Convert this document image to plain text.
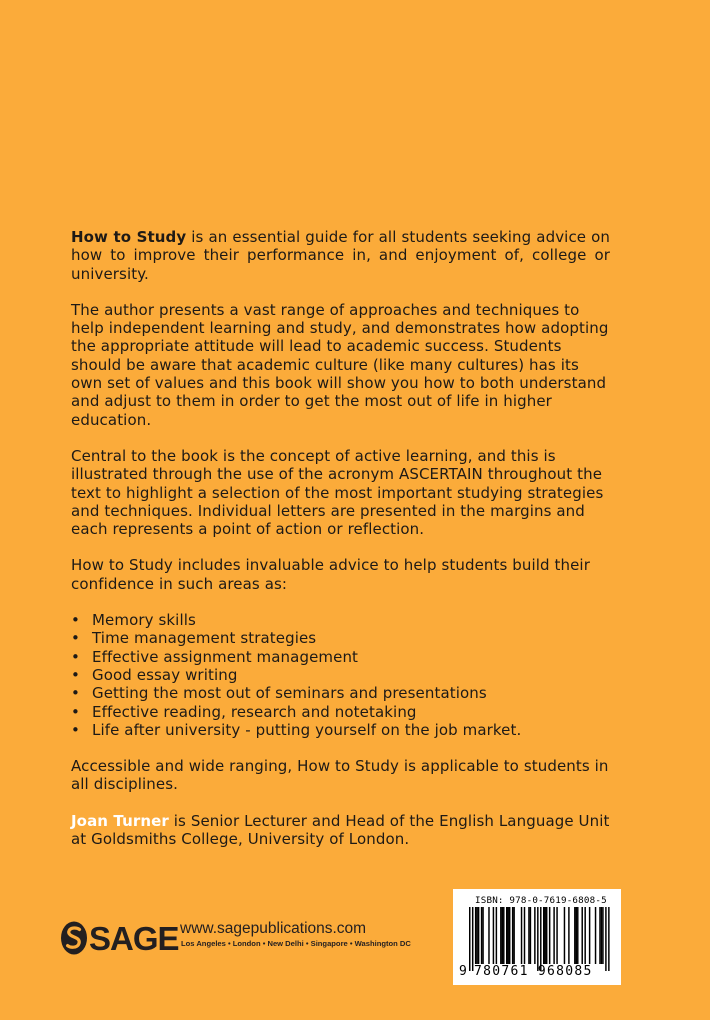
How to Study is an essential guide for all students seeking advice on how to improve their performance in, and enjoyment of, college or university.

The author presents a vast range of approaches and techniques to help independent learning and study, and demonstrates how adopting the appropriate attitude will lead to academic success. Students should be aware that academic culture (like many cultures) has its own set of values and this book will show you how to both understand and adjust to them in order to get the most out of life in higher education.

Central to the book is the concept of active learning, and this is illustrated through the use of the acronym ASCERTAIN throughout the text to highlight a selection of the most important studying strategies and techniques. Individual letters are presented in the margins and each represents a point of action or reflection.

How to Study includes invaluable advice to help students build their confidence in such areas as:

• Memory skills
• Time management strategies
• Effective assignment management
• Good essay writing
• Getting the most out of seminars and presentations
• Effective reading, research and notetaking
• Life after university - putting yourself on the job market.

Accessible and wide ranging, How to Study is applicable to students in all disciplines.

Joan Turner is Senior Lecturer and Head of the English Language Unit at Goldsmiths College, University of London.

SAGE www.sagepublications.com
Los Angeles • London • New Delhi • Singapore • Washington DC
ISBN: 978-0-7619-6808-5
9 780761 968085
